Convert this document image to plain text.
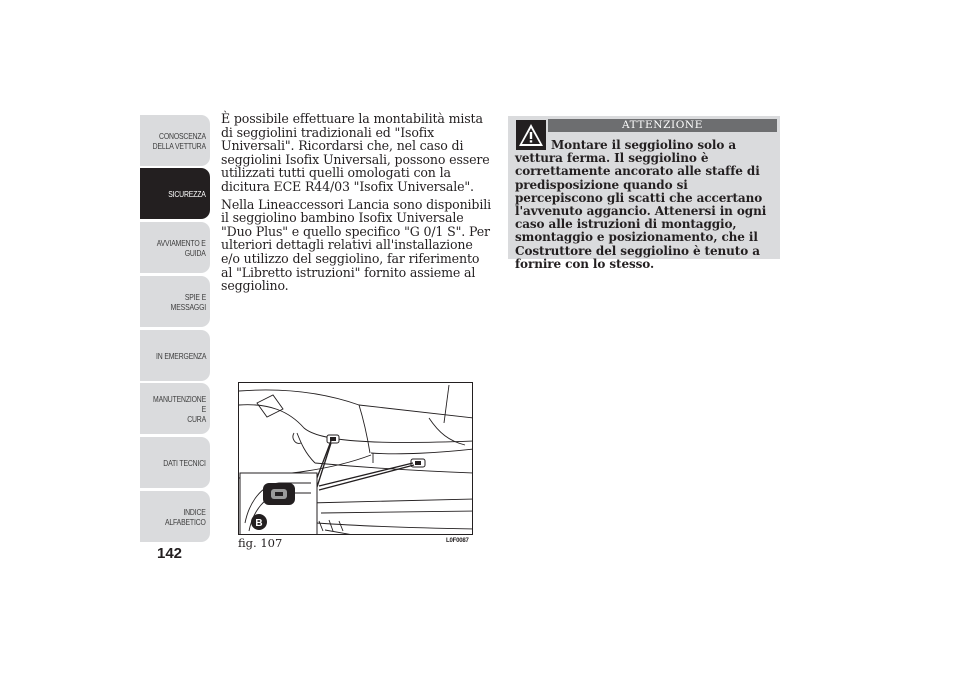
CONOSCENZA
DELLA VETTURA
SICUREZZA
AVVIAMENTO E
GUIDA
SPIE E MESSAGGI
IN EMERGENZA
MANUTENZIONE E
CURA
DATI TECNICI
INDICE
ALFABETICO
142

È possibile effettuare la montabilità mista di seggiolini tradizionali ed "Isofix Universali". Ricordarsi che, nel caso di seggiolini Isofix Universali, possono essere utilizzati tutti quelli omologati con la dicitura ECE R44/03 "Isofix Universale".

Nella Lineaccessori Lancia sono disponibili il seggiolino bambino Isofix Universale "Duo Plus" e quello specifico "G 0/1 S". Per ulteriori dettagli relativi all'installazione e/o utilizzo del seggiolino, far riferimento al "Libretto istruzioni" fornito assieme al seggiolino.

ATTENZIONE
Montare il seggiolino solo a vettura ferma. Il seggiolino è correttamente ancorato alle staffe di predisposizione quando si percepiscono gli scatti che accertano l'avvenuto aggancio. Attenersi in ogni caso alle istruzioni di montaggio, smontaggio e posizionamento, che il Costruttore del seggiolino è tenuto a fornire con lo stesso.
B
fig. 107	L0F0087
